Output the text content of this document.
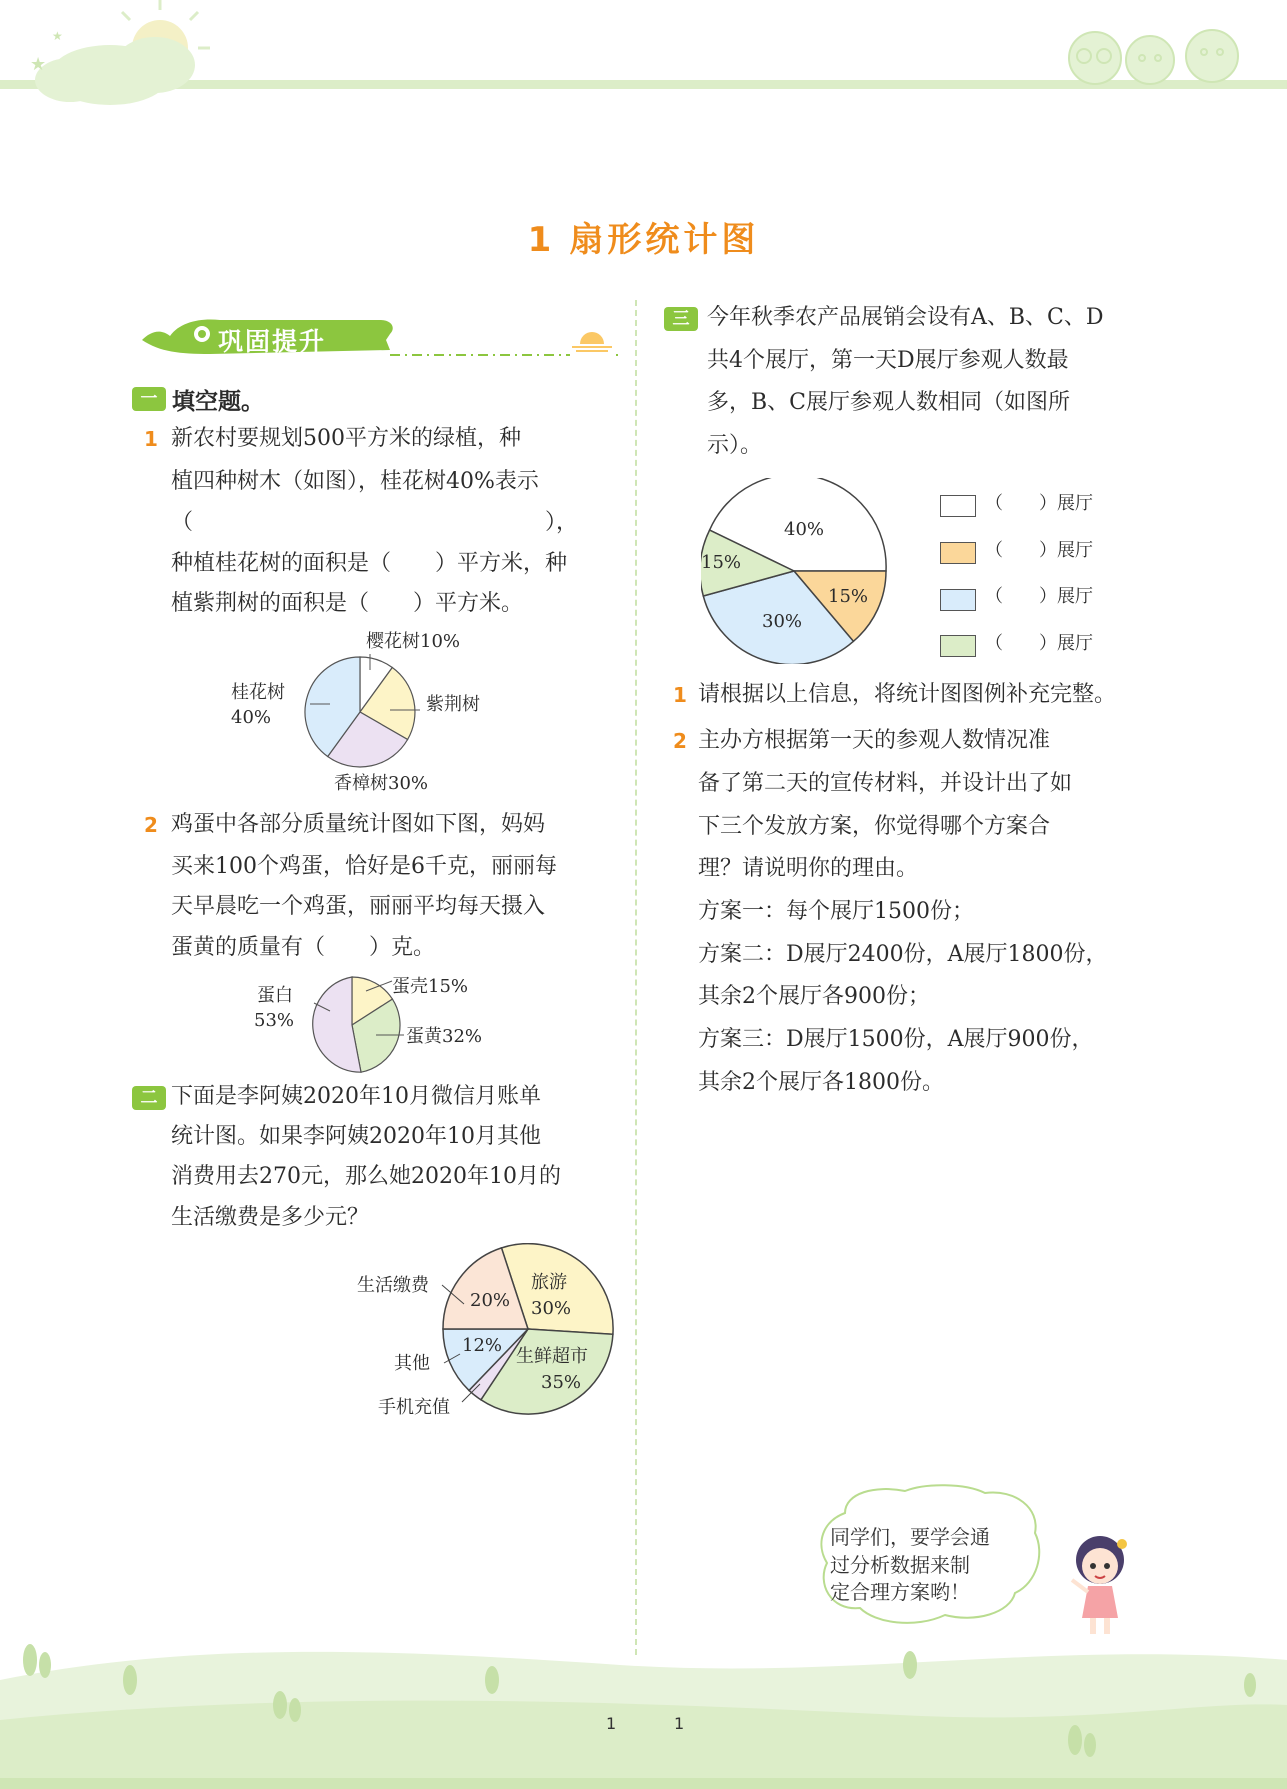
★
★
1 扇形统计图
巩固提升
一 填空题。
1 新农村要规划500平方米的绿植，种
植四种树木（如图），桂花树40%表示
（　　　　　　　　　　　　　　　　），
种植桂花树的面积是（　　）平方米，种
植紫荆树的面积是（　　）平方米。
樱花树10%
桂花树
40%
紫荆树
香樟树30%
2 鸡蛋中各部分质量统计图如下图，妈妈
买来100个鸡蛋，恰好是6千克，丽丽每
天早晨吃一个鸡蛋，丽丽平均每天摄入
蛋黄的质量有（　　）克。
蛋白
53%
蛋壳15%
蛋黄32%
二 下面是李阿姨2020年10月微信月账单
统计图。如果李阿姨2020年10月其他
消费用去270元，那么她2020年10月的
生活缴费是多少元？
生活缴费
20%
旅游
30%
12%
其他	生鲜超市
35%
手机充值
三 今年秋季农产品展销会设有A、B、C、D
共4个展厅，第一天D展厅参观人数最
多，B、C展厅参观人数相同（如图所
示）。
40%
15%
15%
30%
（　　）展厅
（　　）展厅
（　　）展厅
（　　）展厅
1 请根据以上信息，将统计图图例补充完整。
2 主办方根据第一天的参观人数情况准
备了第二天的宣传材料，并设计出了如
下三个发放方案，你觉得哪个方案合
理？请说明你的理由。
方案一：每个展厅1500份；
方案二：D展厅2400份，A展厅1800份，
其余2个展厅各900份；
方案三：D展厅1500份，A展厅900份，
其余2个展厅各1800份。
同学们，要学会通
过分析数据来制
定合理方案哟！
1	1
